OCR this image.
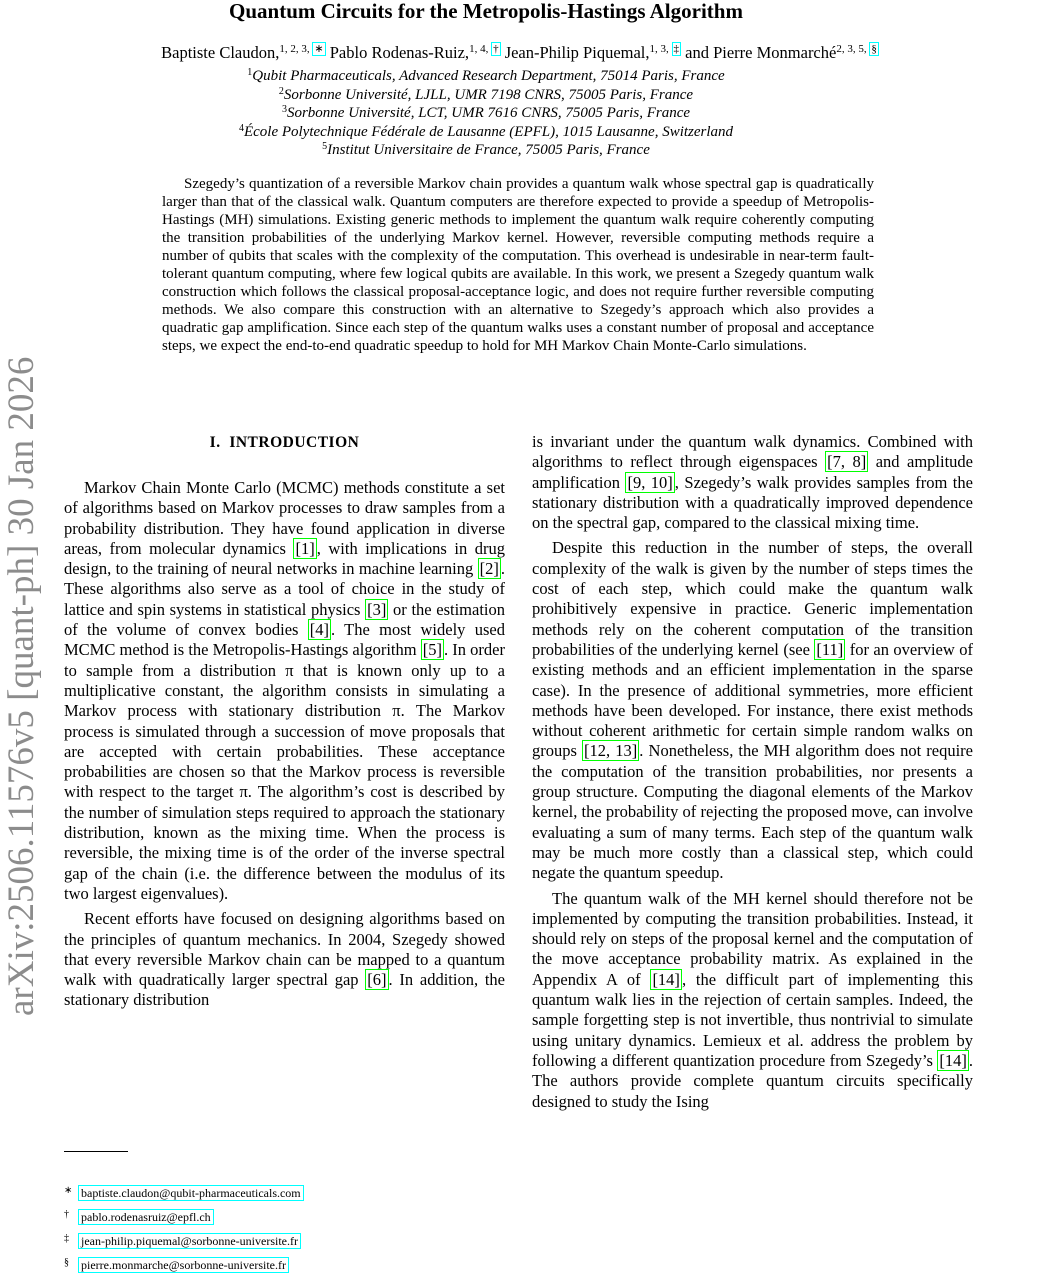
arXiv:2506.11576v5 [quant-ph] 30 Jan 2026
Quantum Circuits for the Metropolis-Hastings Algorithm
Baptiste Claudon,$^{1, 2, 3, ∗}$ Pablo Rodenas-Ruiz,$^{1, 4, \dagger}$ Jean-Philip Piquemal,$^{1, 3, \ddagger}$ and Pierre Monmarché$^{2, 3, 5, \S}$
$^1$Qubit Pharmaceuticals, Advanced Research Department, 75014 Paris, France
$^2$Sorbonne Université, LJLL, UMR 7198 CNRS, 75005 Paris, France
$^3$Sorbonne Université, LCT, UMR 7616 CNRS, 75005 Paris, France
$^4$École Polytechnique Fédérale de Lausanne (EPFL), 1015 Lausanne, Switzerland
$^5$Institut Universitaire de France, 75005 Paris, France

Szegedy’s quantization of a reversible Markov chain provides a quantum walk whose spectral gap is quadratically larger than that of the classical walk. Quantum computers are therefore expected to provide a speedup of Metropolis-Hastings (MH) simulations. Existing generic methods to implement the quantum walk require coherently computing the transition probabilities of the underlying Markov kernel. However, reversible computing methods require a number of qubits that scales with the complexity of the computation. This overhead is undesirable in near-term fault-tolerant quantum computing, where few logical qubits are available. In this work, we present a Szegedy quantum walk construction which follows the classical proposal-acceptance logic, and does not require further reversible computing methods. We also compare this construction with an alternative to Szegedy’s approach which also provides a quadratic gap amplification. Since each step of the quantum walks uses a constant number of proposal and acceptance steps, we expect the end-to-end quadratic speedup to hold for MH Markov Chain Monte-Carlo simulations.

I. INTRODUCTION

Markov Chain Monte Carlo (MCMC) methods constitute a set of algorithms based on Markov processes to draw samples from a probability distribution. They have found application in diverse areas, from molecular dynamics [1] , with implications in drug design, to the training of neural networks in machine learning [2] . These algorithms also serve as a tool of choice in the study of lattice and spin systems in statistical physics [3] or the estimation of the volume of convex bodies [4] . The most widely used MCMC method is the Metropolis-Hastings algorithm [5] . In order to sample from a distribution π that is known only up to a multiplicative constant, the algorithm consists in simulating a Markov process with stationary distribution π. The Markov process is simulated through a succession of move proposals that are accepted with certain probabilities. These acceptance probabilities are chosen so that the Markov process is reversible with respect to the target π. The algorithm’s cost is described by the number of simulation steps required to approach the stationary distribution, known as the mixing time. When the process is reversible, the mixing time is of the order of the inverse spectral gap of the chain (i.e. the difference between the modulus of its two largest eigenvalues).

Recent efforts have focused on designing algorithms based on the principles of quantum mechanics. In 2004, Szegedy showed that every reversible Markov chain can be mapped to a quantum walk with quadratically larger spectral gap [6] . In addition, the stationary distribution

is invariant under the quantum walk dynamics. Combined with algorithms to reflect through eigenspaces [7, 8] and amplitude amplification [9, 10] , Szegedy’s walk provides samples from the stationary distribution with a quadratically improved dependence on the spectral gap, compared to the classical mixing time.

Despite this reduction in the number of steps, the overall complexity of the walk is given by the number of steps times the cost of each step, which could make the quantum walk prohibitively expensive in practice. Generic implementation methods rely on the coherent computation of the transition probabilities of the underlying kernel (see [11] for an overview of existing methods and an efficient implementation in the sparse case). In the presence of additional symmetries, more efficient methods have been developed. For instance, there exist methods without coherent arithmetic for certain simple random walks on groups [12, 13] . Nonetheless, the MH algorithm does not require the computation of the transition probabilities, nor presents a group structure. Computing the diagonal elements of the Markov kernel, the probability of rejecting the proposed move, can involve evaluating a sum of many terms. Each step of the quantum walk may be much more costly than a classical step, which could negate the quantum speedup.

The quantum walk of the MH kernel should therefore not be implemented by computing the transition probabilities. Instead, it should rely on steps of the proposal kernel and the computation of the move acceptance probability matrix. As explained in the Appendix A of [14] , the difficult part of implementing this quantum walk lies in the rejection of certain samples. Indeed, the sample forgetting step is not invertible, thus nontrivial to simulate using unitary dynamics. Lemieux et al. address the problem by following a different quantization procedure from Szegedy’s [14] . The authors provide complete quantum circuits specifically designed to study the Ising

∗ baptiste.claudon@qubit-pharmaceuticals.com
† pablo.rodenasruiz@epfl.ch
‡ jean-philip.piquemal@sorbonne-universite.fr
§ pierre.monmarche@sorbonne-universite.fr
